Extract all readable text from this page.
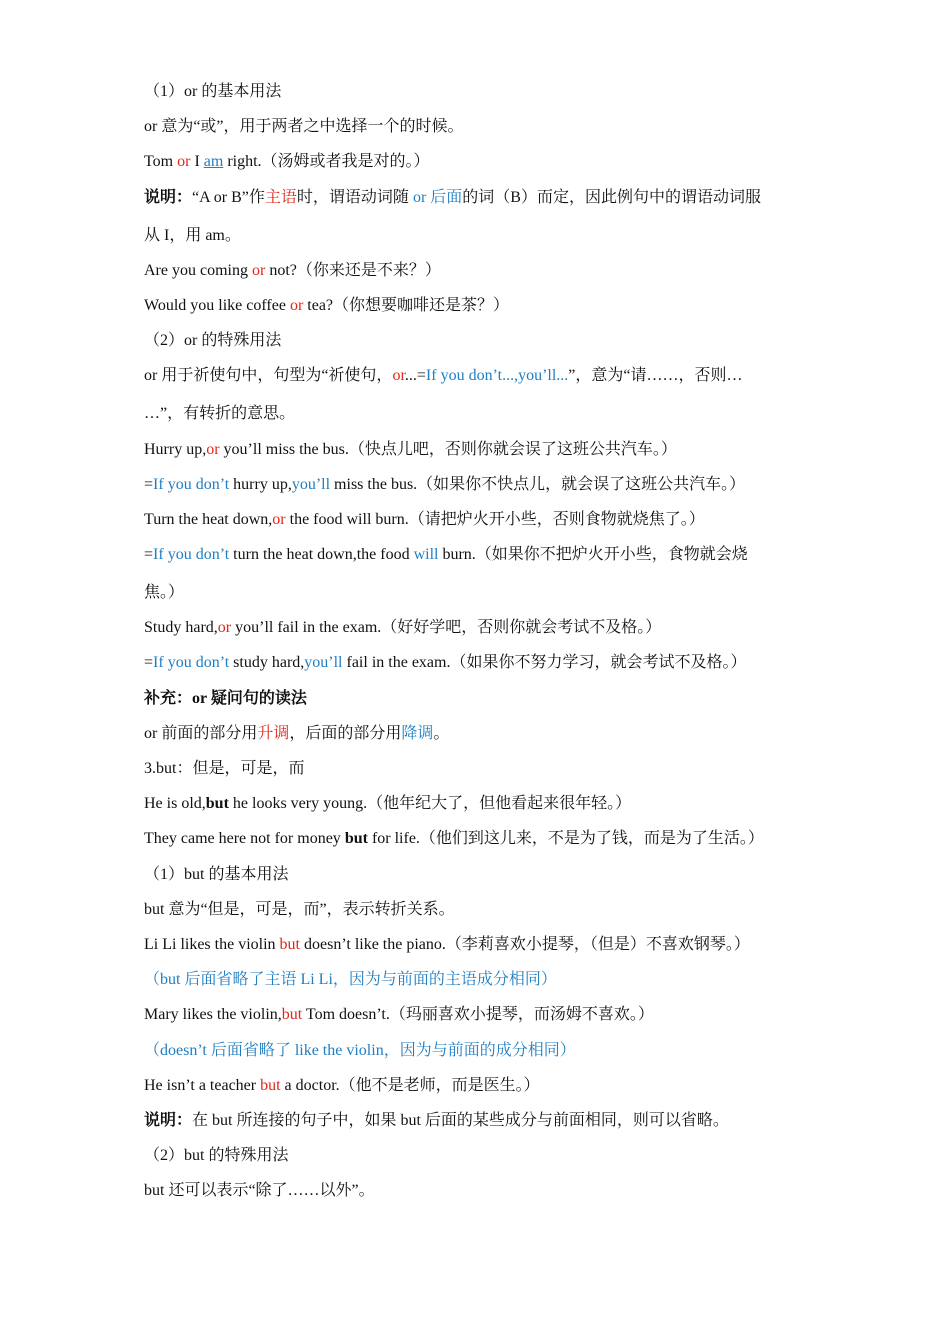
（1）or 的基本用法
or 意为“或”，用于两者之中选择一个的时候。
Tom or I am right.（汤姆或者我是对的。）
说明：“A or B”作主语时，谓语动词随 or 后面的词（B）而定，因此例句中的谓语动词服
从 I，用 am。
Are you coming or not?（你来还是不来？）
Would you like coffee or tea?（你想要咖啡还是茶？）
（2）or 的特殊用法
or 用于祈使句中，句型为“祈使句，or...=If you don’t...,you’ll...”，意为“请……，否则…
…”，有转折的意思。
Hurry up,or you’ll miss the bus.（快点儿吧，否则你就会误了这班公共汽车。）
=If you don’t hurry up,you’ll miss the bus.（如果你不快点儿，就会误了这班公共汽车。）
Turn the heat down,or the food will burn.（请把炉火开小些，否则食物就烧焦了。）
=If you don’t turn the heat down,the food will burn.（如果你不把炉火开小些，食物就会烧
焦。）
Study hard,or you’ll fail in the exam.（好好学吧，否则你就会考试不及格。）
=If you don’t study hard,you’ll fail in the exam.（如果你不努力学习，就会考试不及格。）
补充：or 疑问句的读法
or 前面的部分用升调，后面的部分用降调。
3.but：但是，可是，而
He is old,but he looks very young.（他年纪大了，但他看起来很年轻。）
They came here not for money but for life.（他们到这儿来，不是为了钱，而是为了生活。）
（1）but 的基本用法
but 意为“但是，可是，而”，表示转折关系。
Li Li likes the violin but doesn’t like the piano.（李莉喜欢小提琴，（但是）不喜欢钢琴。）
（but 后面省略了主语 Li Li，因为与前面的主语成分相同）
Mary likes the violin,but Tom doesn’t.（玛丽喜欢小提琴，而汤姆不喜欢。）
（doesn’t 后面省略了 like the violin，因为与前面的成分相同）
He isn’t a teacher but a doctor.（他不是老师，而是医生。）
说明：在 but 所连接的句子中，如果 but 后面的某些成分与前面相同，则可以省略。
（2）but 的特殊用法
but 还可以表示“除了……以外”。
